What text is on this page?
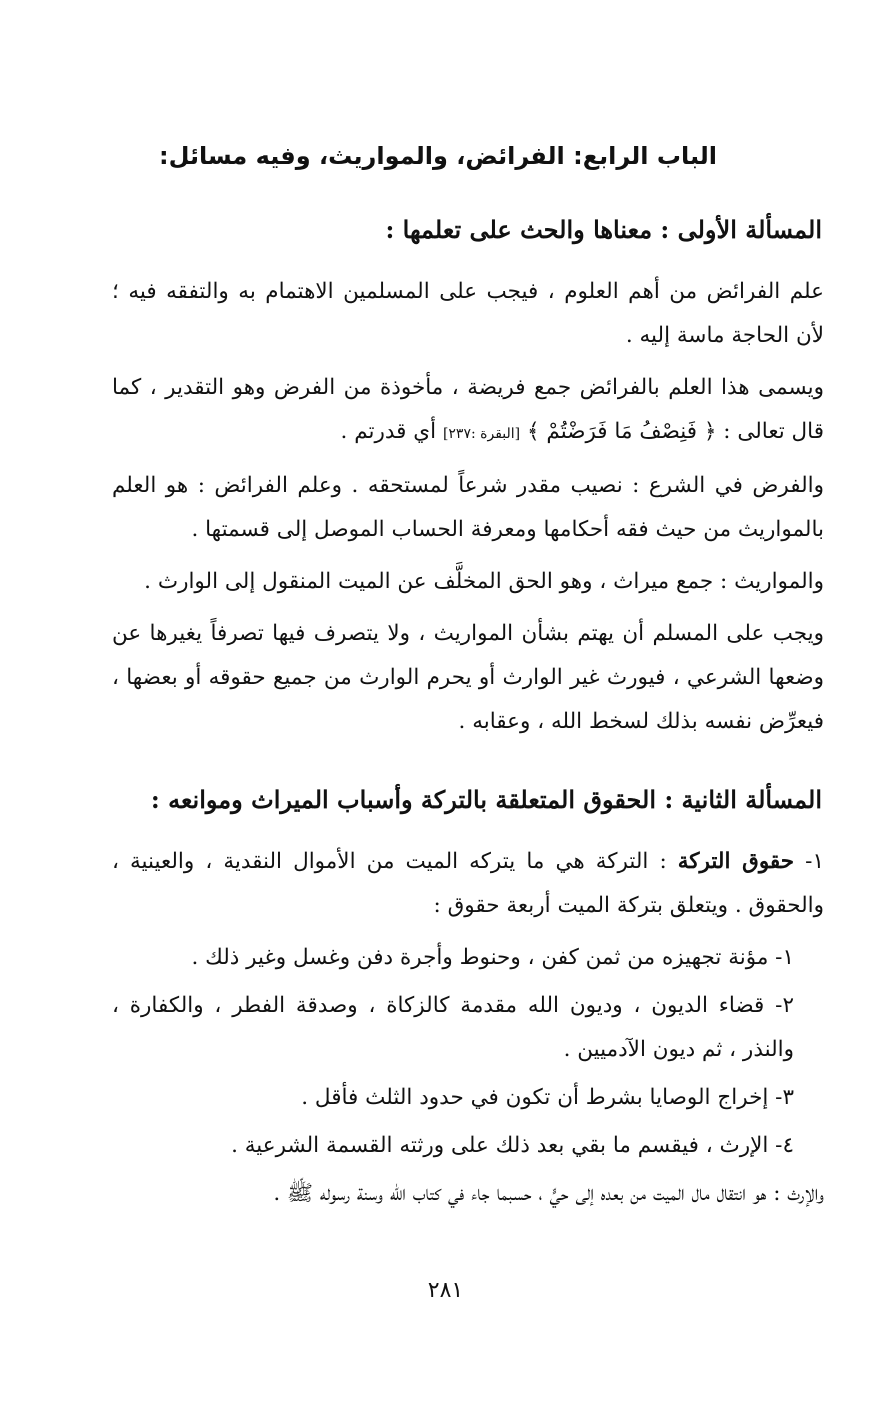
الباب الرابع: الفرائض، والمواريث، وفيه مسائل:
المسألة الأولى : معناها والحث على تعلمها :

علم الفرائض من أهم العلوم ، فيجب على المسلمين الاهتمام به والتفقه فيه ؛ لأن الحاجة ماسة إليه .

ويسمى هذا العلم بالفرائض جمع فريضة ، مأخوذة من الفرض وهو التقدير ، كما قال تعالى : ﴿ فَنِصْفُ مَا فَرَضْتُمْ ﴾ [البقرة :٢٣٧] أي قدرتم .

والفرض في الشرع : نصيب مقدر شرعاً لمستحقه . وعلم الفرائض : هو العلم بالمواريث من حيث فقه أحكامها ومعرفة الحساب الموصل إلى قسمتها .

والمواريث : جمع ميراث ، وهو الحق المخلَّف عن الميت المنقول إلى الوارث .

ويجب على المسلم أن يهتم بشأن المواريث ، ولا يتصرف فيها تصرفاً يغيرها عن وضعها الشرعي ، فيورث غير الوارث أو يحرم الوارث من جميع حقوقه أو بعضها ، فيعرِّض نفسه بذلك لسخط الله ، وعقابه .

المسألة الثانية : الحقوق المتعلقة بالتركة وأسباب الميراث وموانعه :

١- حقوق التركة : التركة هي ما يتركه الميت من الأموال النقدية ، والعينية ، والحقوق . ويتعلق بتركة الميت أربعة حقوق :

١- مؤنة تجهيزه من ثمن كفن ، وحنوط وأجرة دفن وغسل وغير ذلك .

٢- قضاء الديون ، وديون الله مقدمة كالزكاة ، وصدقة الفطر ، والكفارة ، والنذر ، ثم ديون الآدميين .

٣- إخراج الوصايا بشرط أن تكون في حدود الثلث فأقل .

٤- الإرث ، فيقسم ما بقي بعد ذلك على ورثته القسمة الشرعية .

والإرث : هو انتقال مال الميت من بعده إلى حيٍّ ، حسبما جاء في كتاب الله وسنة رسوله ﷺ .

٢٨١
